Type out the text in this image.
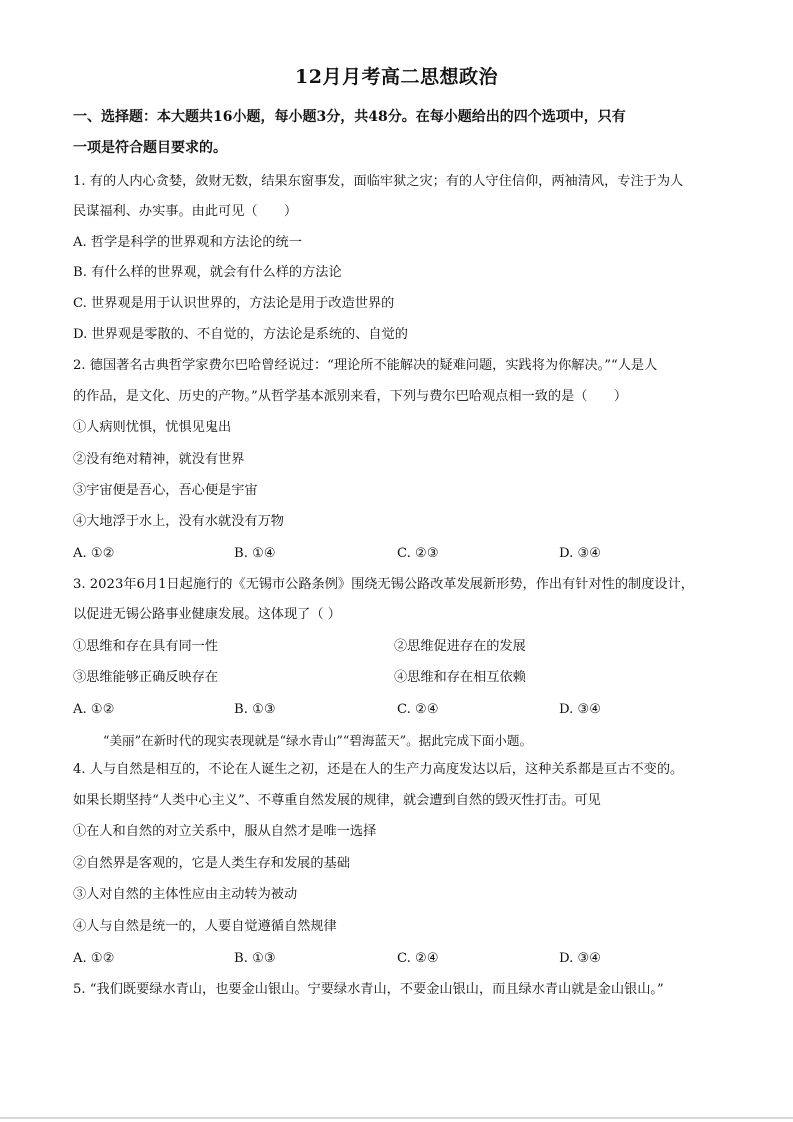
12月月考高二思想政治
一、选择题：本大题共16小题，每小题3分，共48分。在每小题给出的四个选项中，只有
一项是符合题目要求的。
1. 有的人内心贪婪，敛财无数，结果东窗事发，面临牢狱之灾；有的人守住信仰，两袖清风，专注于为人
民谋福利、办实事。由此可见（　　）
A. 哲学是科学的世界观和方法论的统一
B. 有什么样的世界观，就会有什么样的方法论
C. 世界观是用于认识世界的，方法论是用于改造世界的
D. 世界观是零散的、不自觉的，方法论是系统的、自觉的
2. 德国著名古典哲学家费尔巴哈曾经说过：“理论所不能解决的疑难问题，实践将为你解决。”“人是人
的作品，是文化、历史的产物。”从哲学基本派别来看，下列与费尔巴哈观点相一致的是（　　）
①人病则忧惧，忧惧见鬼出
②没有绝对精神，就没有世界
③宇宙便是吾心，吾心便是宇宙
④大地浮于水上，没有水就没有万物
A. ①②	B. ①④	C. ②③	D. ③④
3. 2023年6月1日起施行的《无锡市公路条例》围绕无锡公路改革发展新形势，作出有针对性的制度设计，
以促进无锡公路事业健康发展。这体现了（ ）
①思维和存在具有同一性	②思维促进存在的发展
③思维能够正确反映存在	④思维和存在相互依赖
A. ①②	B. ①③	C. ②④	D. ③④
“美丽”在新时代的现实表现就是“绿水青山”“碧海蓝天”。据此完成下面小题。
4. 人与自然是相互的，不论在人诞生之初，还是在人的生产力高度发达以后，这种关系都是亘古不变的。
如果长期坚持“人类中心主义”、不尊重自然发展的规律，就会遭到自然的毁灭性打击。可见
①在人和自然的对立关系中，服从自然才是唯一选择
②自然界是客观的，它是人类生存和发展的基础
③人对自然的主体性应由主动转为被动
④人与自然是统一的，人要自觉遵循自然规律
A. ①②	B. ①③	C. ②④	D. ③④
5. “我们既要绿水青山，也要金山银山。宁要绿水青山，不要金山银山，而且绿水青山就是金山银山。”
